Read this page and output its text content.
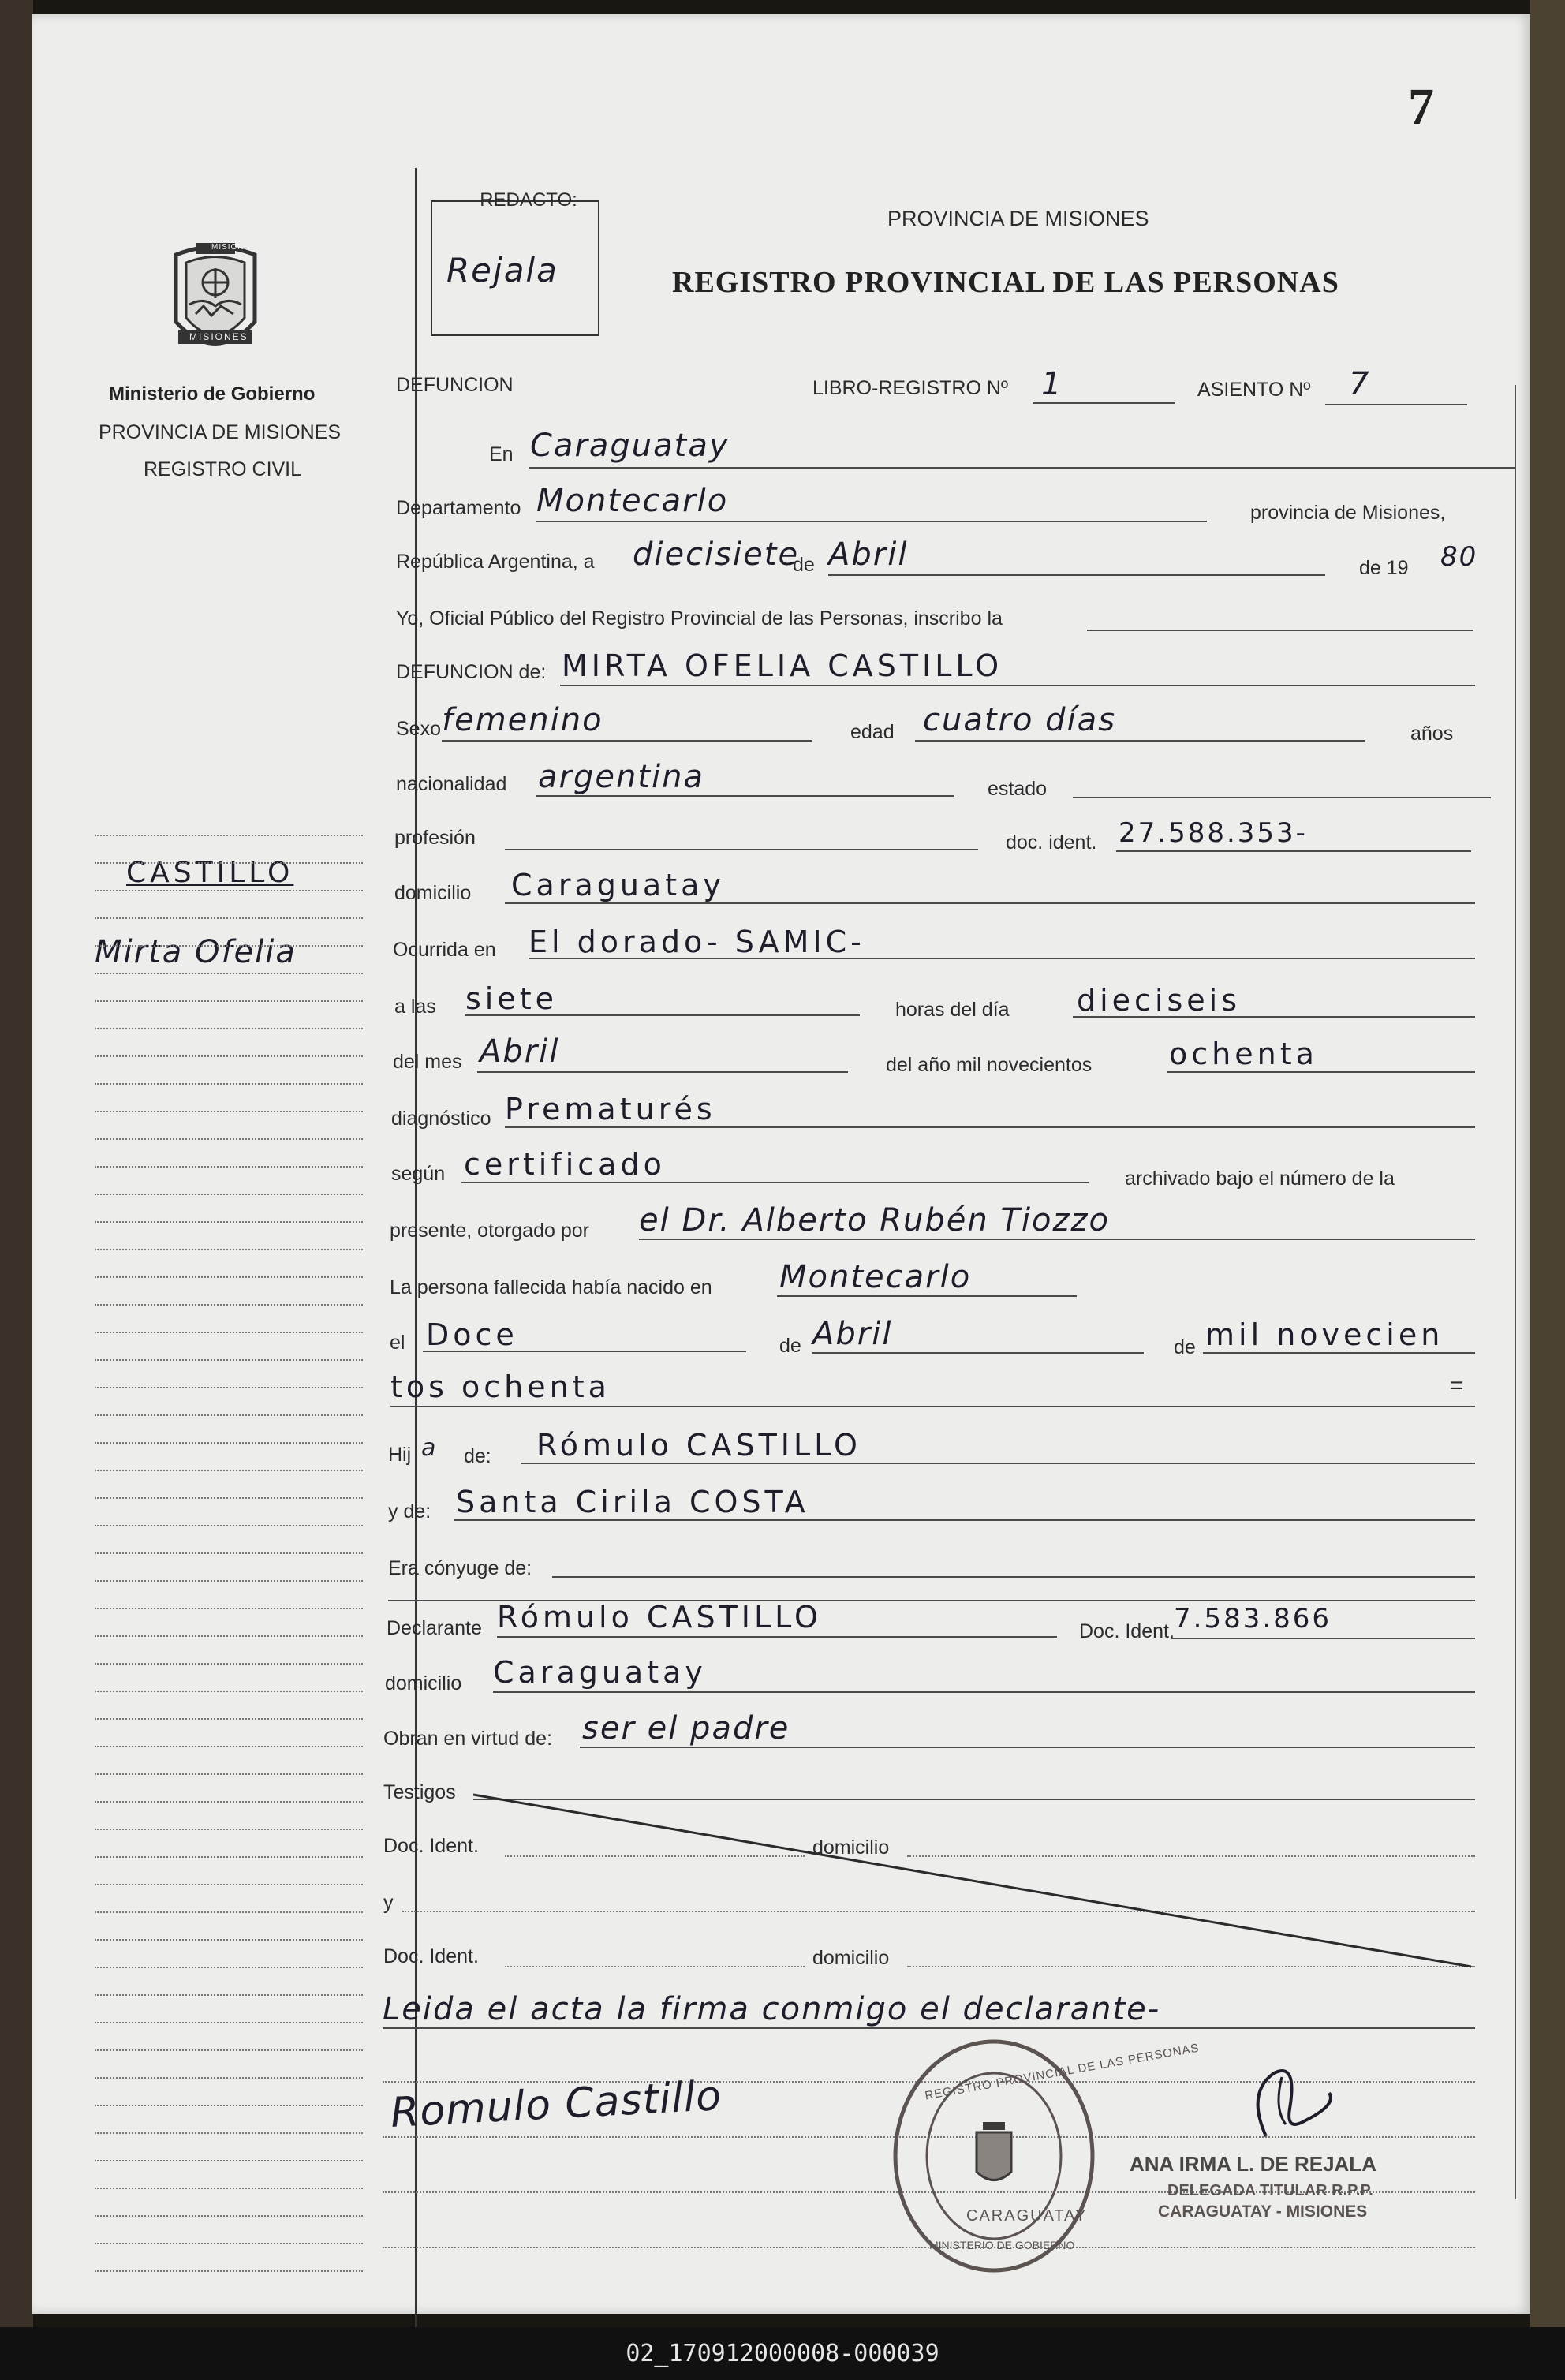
7
MISIONES
MISIONES
Ministerio de Gobierno
PROVINCIA DE MISIONES
REGISTRO CIVIL
REDACTO:
Rejala
PROVINCIA DE MISIONES
REGISTRO PROVINCIAL DE LAS PERSONAS
CASTILLO
Mirta Ofelia
DEFUNCION	LIBRO-REGISTRO Nº 1	ASIENTO Nº 7
En Caraguatay
Departamento Montecarlo	provincia de Misiones,
República Argentina, a diecisiete
de Abril	de 19 80
Yo, Oficial Público del Registro Provincial de las Personas, inscribo la
DEFUNCION de: MIRTA OFELIA CASTILLO
Sexo femenino	edad cuatro días	años
nacionalidad argentina	estado
profesión	doc. ident. 27.588.353-
domicilio Caraguatay
Ocurrida en El dorado- SAMIC-
a las siete	horas del día dieciseis
del mes Abril	del año mil novecientos	ochenta
diagnóstico Prematurés
según certificado	archivado bajo el número de la
presente, otorgado por el Dr. Alberto Rubén Tiozzo
La persona fallecida había nacido en Montecarlo
el Doce	de Abril	de mil novecien
tos ochenta	=
Hij a de: Rómulo CASTILLO
y de: Santa Cirila COSTA
Era cónyuge de:
Declarante Rómulo CASTILLO	Doc. Ident. 7.583.866
domicilio Caraguatay
Obran en virtud de: ser el padre
Testigos
Doc. Ident.	domicilio
y
Doc. Ident.	domicilio
Leida el acta la firma conmigo el declarante-
Romulo Castillo
REGISTRO PROVINCIAL DE LAS PERSONAS
CARAGUATAY
MINISTERIO DE GOBIERNO
ANA IRMA L. DE REJALA
DELEGADA TITULAR R.P.P.
CARAGUATAY - MISIONES
02_170912000008-000039
